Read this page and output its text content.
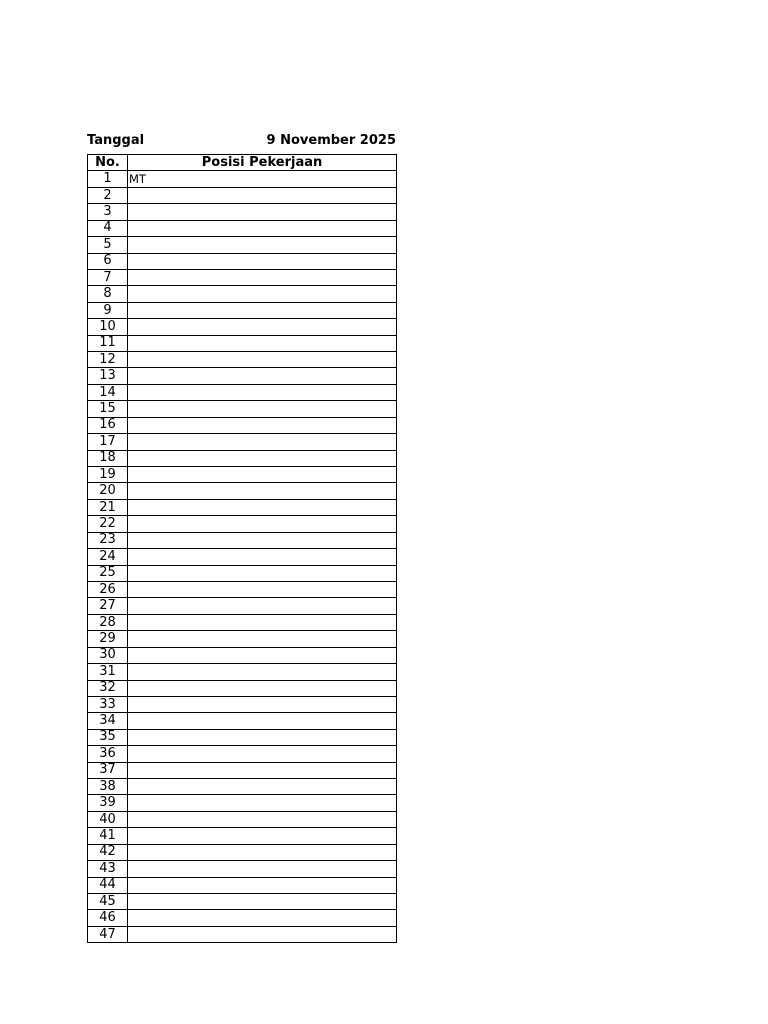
Tanggal	9 November 2025
No.	Posisi Pekerjaan
1	MT
2	
3	
4	
5	
6	
7	
8	
9	
10	
11	
12	
13	
14	
15	
16	
17	
18	
19	
20	
21	
22	
23	
24	
25	
26	
27	
28	
29	
30	
31	
32	
33	
34	
35	
36	
37	
38	
39	
40	
41	
42	
43	
44	
45	
46	
47	
